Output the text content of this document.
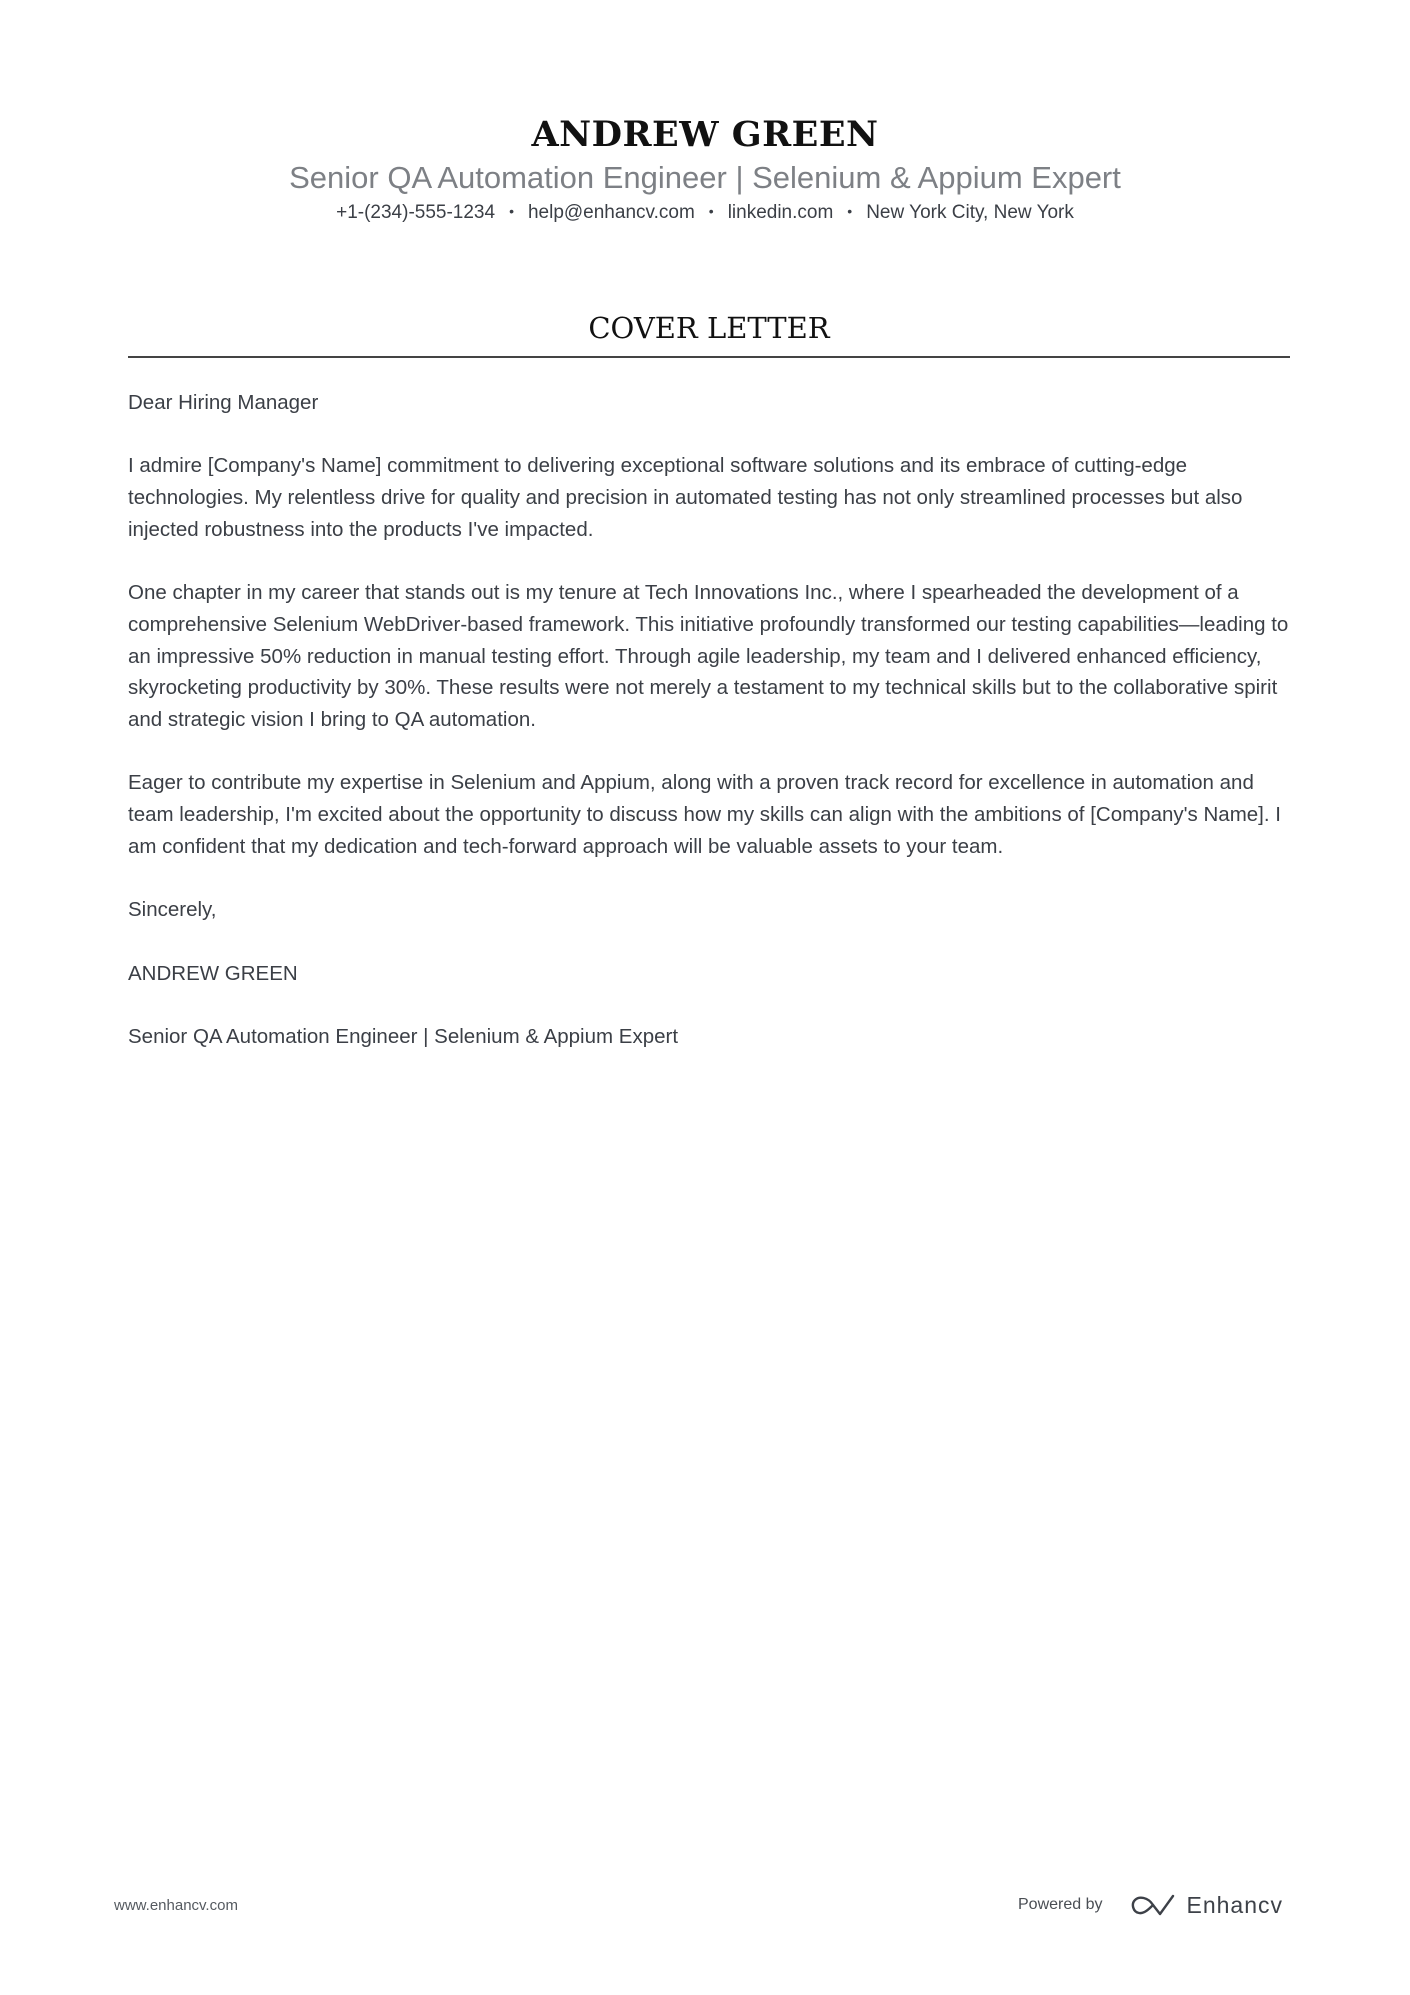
ANDREW GREEN
Senior QA Automation Engineer | Selenium & Appium Expert
+1-(234)-555-1234 • help@enhancv.com • linkedin.com • New York City, New York
COVER LETTER

Dear Hiring Manager

I admire [Company's Name] commitment to delivering exceptional software solutions and its embrace of cutting-edge technologies. My relentless drive for quality and precision in automated testing has not only streamlined processes but also injected robustness into the products I've impacted.

One chapter in my career that stands out is my tenure at Tech Innovations Inc., where I spearheaded the development of a comprehensive Selenium WebDriver-based framework. This initiative profoundly transformed our testing capabilities—leading to an impressive 50% reduction in manual testing effort. Through agile leadership, my team and I delivered enhanced efficiency, skyrocketing productivity by 30%. These results were not merely a testament to my technical skills but to the collaborative spirit and strategic vision I bring to QA automation.

Eager to contribute my expertise in Selenium and Appium, along with a proven track record for excellence in automation and team leadership, I'm excited about the opportunity to discuss how my skills can align with the ambitions of [Company's Name]. I am confident that my dedication and tech-forward approach will be valuable assets to your team.

Sincerely,

ANDREW GREEN

Senior QA Automation Engineer | Selenium & Appium Expert

www.enhancv.com	Powered by	Enhancv
